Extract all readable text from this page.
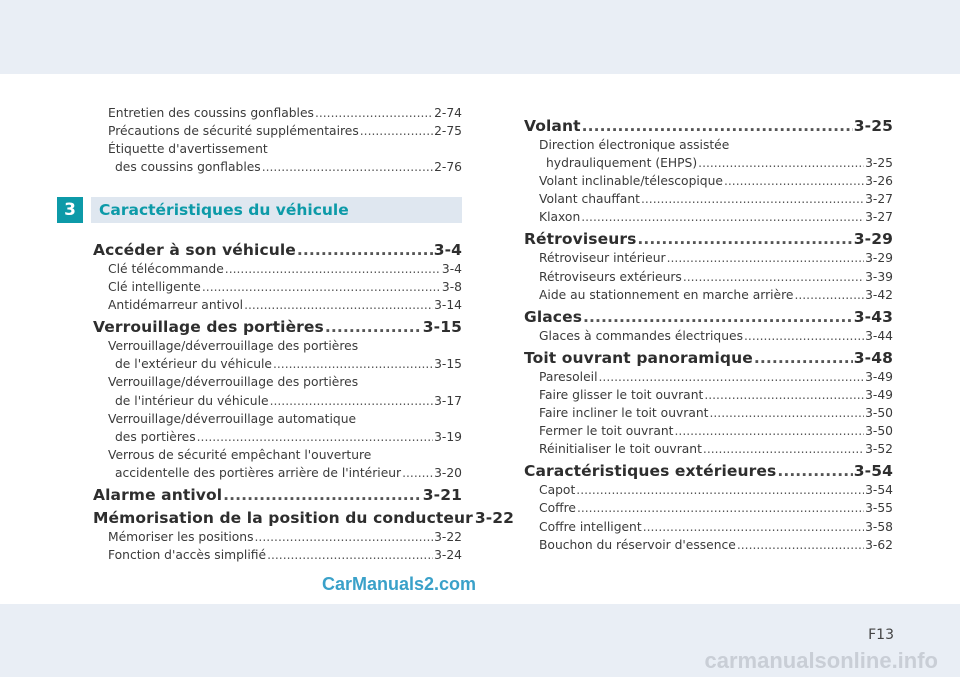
Entretien des coussins gonflables .....	2-74
Précautions de sécurité supplémentaires .....	2-75
Étiquette d'avertissement
des coussins gonflables .....	2-76
3	Caractéristiques du véhicule
Accéder à son véhicule .....	3-4
Clé télécommande .....	3-4
Clé intelligente .....	3-8
Antidémarreur antivol .....	3-14
Verrouillage des portières .....	3-15
Verrouillage/déverrouillage des portières
de l'extérieur du véhicule .....	3-15
Verrouillage/déverrouillage des portières
de l'intérieur du véhicule .....	3-17
Verrouillage/déverrouillage automatique
des portières .....	3-19
Verrous de sécurité empêchant l'ouverture
accidentelle des portières arrière de l'intérieur .....	3-20
Alarme antivol .....	3-21
Mémorisation de la position du conducteur 3-22
Mémoriser les positions .....	3-22
Fonction d'accès simplifié .....	3-24
Volant .....	3-25
Direction électronique assistée
hydrauliquement (EHPS) .....	3-25
Volant inclinable/télescopique .....	3-26
Volant chauffant .....	3-27
Klaxon .....	3-27
Rétroviseurs .....	3-29
Rétroviseur intérieur .....	3-29
Rétroviseurs extérieurs .....	3-39
Aide au stationnement en marche arrière .....	3-42
Glaces .....	3-43
Glaces à commandes électriques .....	3-44
Toit ouvrant panoramique .....	3-48
Paresoleil .....	3-49
Faire glisser le toit ouvrant .....	3-49
Faire incliner le toit ouvrant .....	3-50
Fermer le toit ouvrant .....	3-50
Réinitialiser le toit ouvrant .....	3-52
Caractéristiques extérieures .....	3-54
Capot .....	3-54
Coffre .....	3-55
Coffre intelligent .....	3-58
Bouchon du réservoir d'essence .....	3-62
CarManuals2.com
F13
carmanualsonline.info
